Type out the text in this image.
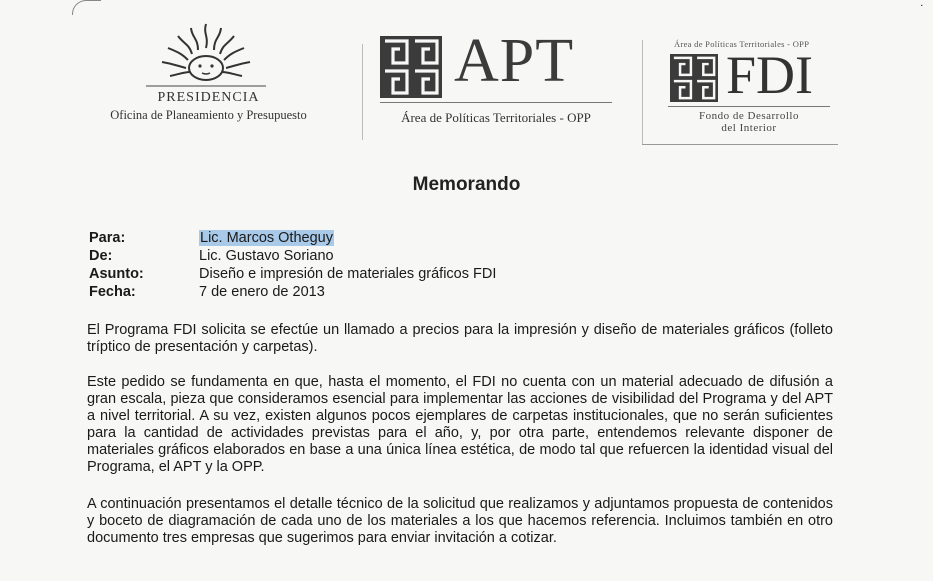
˙
PRESIDENCIA
Oficina de Planeamiento y Presupuesto
APT
Área de Políticas Territoriales - OPP
Área de Políticas Territoriales - OPP
FDI
Fondo de Desarrollo
del Interior
Memorando
Para:	Lic. Marcos Otheguy
De:	Lic. Gustavo Soriano
Asunto:	Diseño e impresión de materiales gráficos FDI
Fecha:	7 de enero de 2013
El Programa FDI solicita se efectúe un llamado a precios para la impresión y diseño de materiales gráficos (folleto tríptico de presentación y carpetas).
Este pedido se fundamenta en que, hasta el momento, el FDI no cuenta con un material adecuado de difusión a gran escala, pieza que consideramos esencial para implementar las acciones de visibilidad del Programa y del APT a nivel territorial. A su vez, existen algunos pocos ejemplares de carpetas institucionales, que no serán suficientes para la cantidad de actividades previstas para el año, y, por otra parte, entendemos relevante disponer de materiales gráficos elaborados en base a una única línea estética, de modo tal que refuercen la identidad visual del Programa, el APT y la OPP.
A continuación presentamos el detalle técnico de la solicitud que realizamos y adjuntamos propuesta de contenidos y boceto de diagramación de cada uno de los materiales a los que hacemos referencia. Incluimos también en otro documento tres empresas que sugerimos para enviar invitación a cotizar.
